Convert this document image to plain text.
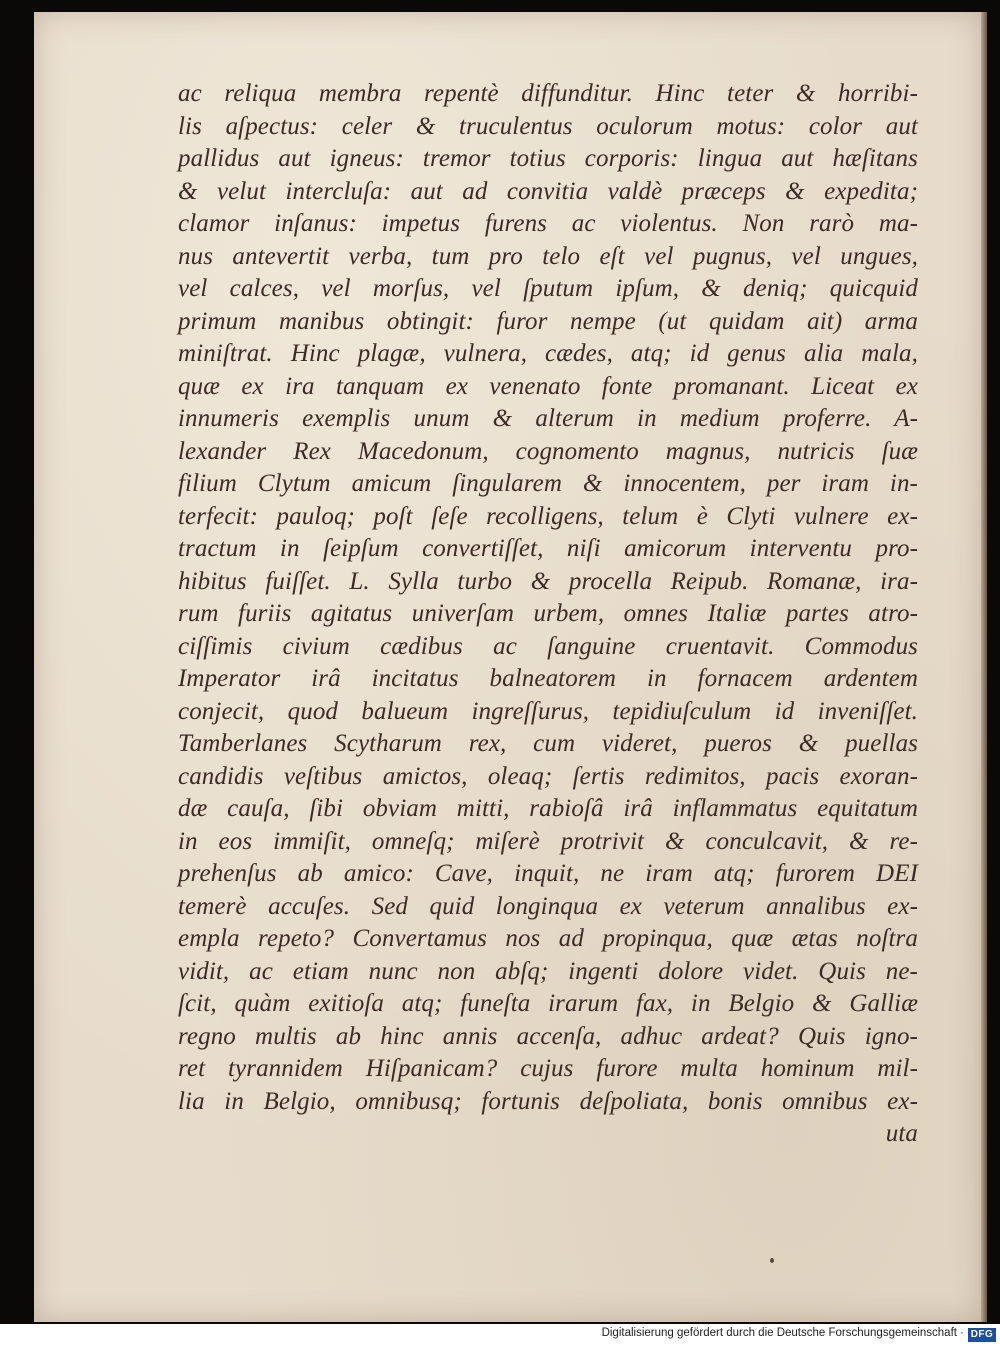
ac reliqua membra repentè diffunditur. Hinc teter & horribi-
lis aſpectus: celer & truculentus oculorum motus: color aut
pallidus aut igneus: tremor totius corporis: lingua aut hæſitans
& velut intercluſa: aut ad convitia valdè præceps & expedita;
clamor inſanus: impetus furens ac violentus. Non rarò ma-
nus antevertit verba, tum pro telo eſt vel pugnus, vel ungues,
vel calces, vel morſus, vel ſputum ipſum, & deniq; quicquid
primum manibus obtingit: furor nempe (ut quidam ait) arma
miniſtrat. Hinc plagæ, vulnera, cædes, atq; id genus alia mala,
quæ ex ira tanquam ex venenato fonte promanant. Liceat ex
innumeris exemplis unum & alterum in medium proferre. A-
lexander Rex Macedonum, cognomento magnus, nutricis ſuæ
filium Clytum amicum ſingularem & innocentem, per iram in-
terfecit: pauloq; poſt ſeſe recolligens, telum è Clyti vulnere ex-
tractum in ſeipſum convertiſſet, niſi amicorum interventu pro-
hibitus fuiſſet. L. Sylla turbo & procella Reipub. Romanæ, ira-
rum furiis agitatus univerſam urbem, omnes Italiæ partes atro-
ciſſimis civium cædibus ac ſanguine cruentavit. Commodus
Imperator irâ incitatus balneatorem in fornacem ardentem
conjecit, quod balueum ingreſſurus, tepidiuſculum id inveniſſet.
Tamberlanes Scytharum rex, cum videret, pueros & puellas
candidis veſtibus amictos, oleaq; ſertis redimitos, pacis exoran-
dæ cauſa, ſibi obviam mitti, rabioſâ irâ inflammatus equitatum
in eos immiſit, omneſq; miſerè protrivit & conculcavit, & re-
prehenſus ab amico: Cave, inquit, ne iram atq; furorem DEI
temerè accuſes. Sed quid longinqua ex veterum annalibus ex-
empla repeto? Convertamus nos ad propinqua, quæ ætas noſtra
vidit, ac etiam nunc non abſq; ingenti dolore videt. Quis ne-
ſcit, quàm exitioſa atq; funeſta irarum fax, in Belgio & Galliæ
regno multis ab hinc annis accenſa, adhuc ardeat? Quis igno-
ret tyrannidem Hiſpanicam? cujus furore multa hominum mil-
lia in Belgio, omnibusq; fortunis deſpoliata, bonis omnibus ex-
uta
Digitalisierung gefördert durch die Deutsche Forschungsgemeinschaft · DFG
